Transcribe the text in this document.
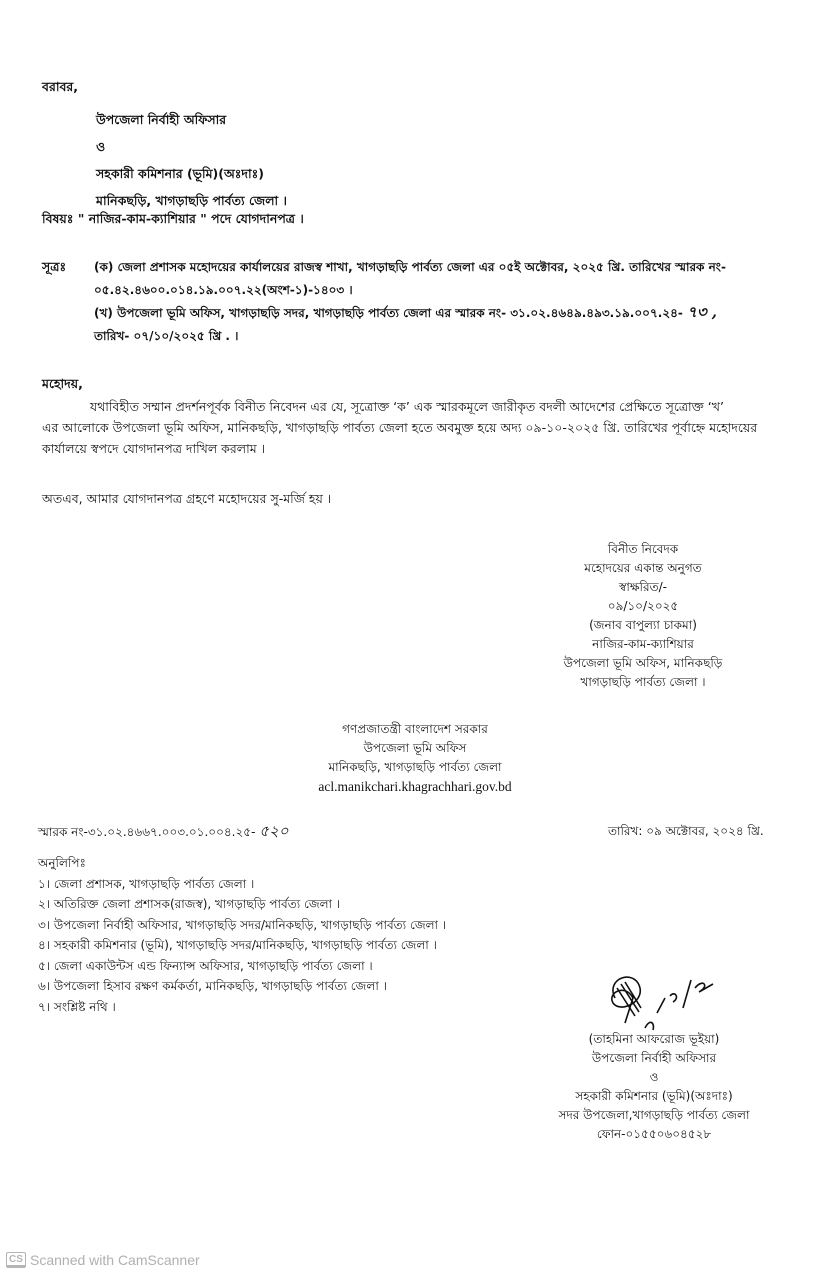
বরাবর,
উপজেলা নির্বাহী অফিসার
ও
সহকারী কমিশনার (ভূমি)(অঃদাঃ)
মানিকছড়ি, খাগড়াছড়ি পার্বত্য জেলা ।
বিষয়ঃ " নাজির-কাম-ক্যাশিয়ার " পদে যোগদানপত্র ।
সূত্রঃ (ক) জেলা প্রশাসক মহোদয়ের কার্যালয়ের রাজস্ব শাখা, খাগড়াছড়ি পার্বত্য জেলা এর ০৫ই অক্টোবর, ২০২৫ খ্রি. তারিখের স্মারক নং-
০৫.৪২.৪৬০০.০১৪.১৯.০০৭.২২(অংশ-১)-১৪০৩ ।
(খ) উপজেলা ভূমি অফিস, খাগড়াছড়ি সদর, খাগড়াছড়ি পার্বত্য জেলা এর স্মারক নং- ৩১.০২.৪৬৪৯.৪৯৩.১৯.০০৭.২৪- ৭৩ ,
তারিখ- ০৭/১০/২০২৫ খ্রি . ।
মহোদয়,
যথাবিহীত সম্মান প্রদর্শনপূর্বক বিনীত নিবেদন এর যে, সূত্রোক্ত ‘ক’ এক স্মারকমূলে জারীকৃত বদলী আদেশের প্রেক্ষিতে সূত্রোক্ত ‘খ’
এর আলোকে উপজেলা ভূমি অফিস, মানিকছড়ি, খাগড়াছড়ি পার্বত্য জেলা হতে অবমুক্ত হয়ে অদ্য ০৯-১০-২০২৫ খ্রি. তারিখের পূর্বাহ্নে মহোদয়ের
কার্যালয়ে স্বপদে যোগদানপত্র দাখিল করলাম ।
অতএব, আমার যোগদানপত্র গ্রহণে মহোদয়ের সু-মর্জি হয় ।
বিনীত নিবেদক
মহোদয়ের একান্ত অনুগত
স্বাক্ষরিত/-
০৯/১০/২০২৫
(জনাব বাপুল্যা চাকমা)
নাজির-কাম-ক্যাশিয়ার
উপজেলা ভূমি অফিস, মানিকছড়ি
খাগড়াছড়ি পার্বত্য জেলা ।
গণপ্রজাতন্ত্রী বাংলাদেশ সরকার
উপজেলা ভূমি অফিস
মানিকছড়ি, খাগড়াছড়ি পার্বত্য জেলা
acl.manikchari.khagrachhari.gov.bd
স্মারক নং-৩১.০২.৪৬৬৭.০০৩.০১.০০৪.২৫- ৫২০	তারিখ: ০৯ অক্টোবর, ২০২৪ খ্রি.
অনুলিপিঃ
১। জেলা প্রশাসক, খাগড়াছড়ি পার্বত্য জেলা ।
২। অতিরিক্ত জেলা প্রশাসক(রাজস্ব), খাগড়াছড়ি পার্বত্য জেলা ।
৩। উপজেলা নির্বাহী অফিসার, খাগড়াছড়ি সদর/মানিকছড়ি, খাগড়াছড়ি পার্বত্য জেলা ।
৪। সহকারী কমিশনার (ভূমি), খাগড়াছড়ি সদর/মানিকছড়ি, খাগড়াছড়ি পার্বত্য জেলা ।
৫। জেলা একাউন্টস এন্ড ফিন্যান্স অফিসার, খাগড়াছড়ি পার্বত্য জেলা ।
৬। উপজেলা হিসাব রক্ষণ কর্মকর্তা, মানিকছড়ি, খাগড়াছড়ি পার্বত্য জেলা ।
৭। সংশ্লিষ্ট নথি ।
(তাহমিনা আফরোজ ভূইয়া)
উপজেলা নির্বাহী অফিসার
ও
সহকারী কমিশনার (ভূমি)(অঃদাঃ)
সদর উপজেলা,খাগড়াছড়ি পার্বত্য জেলা
ফোন-০১৫৫০৬০৪৫২৮
CS Scanned with CamScanner
